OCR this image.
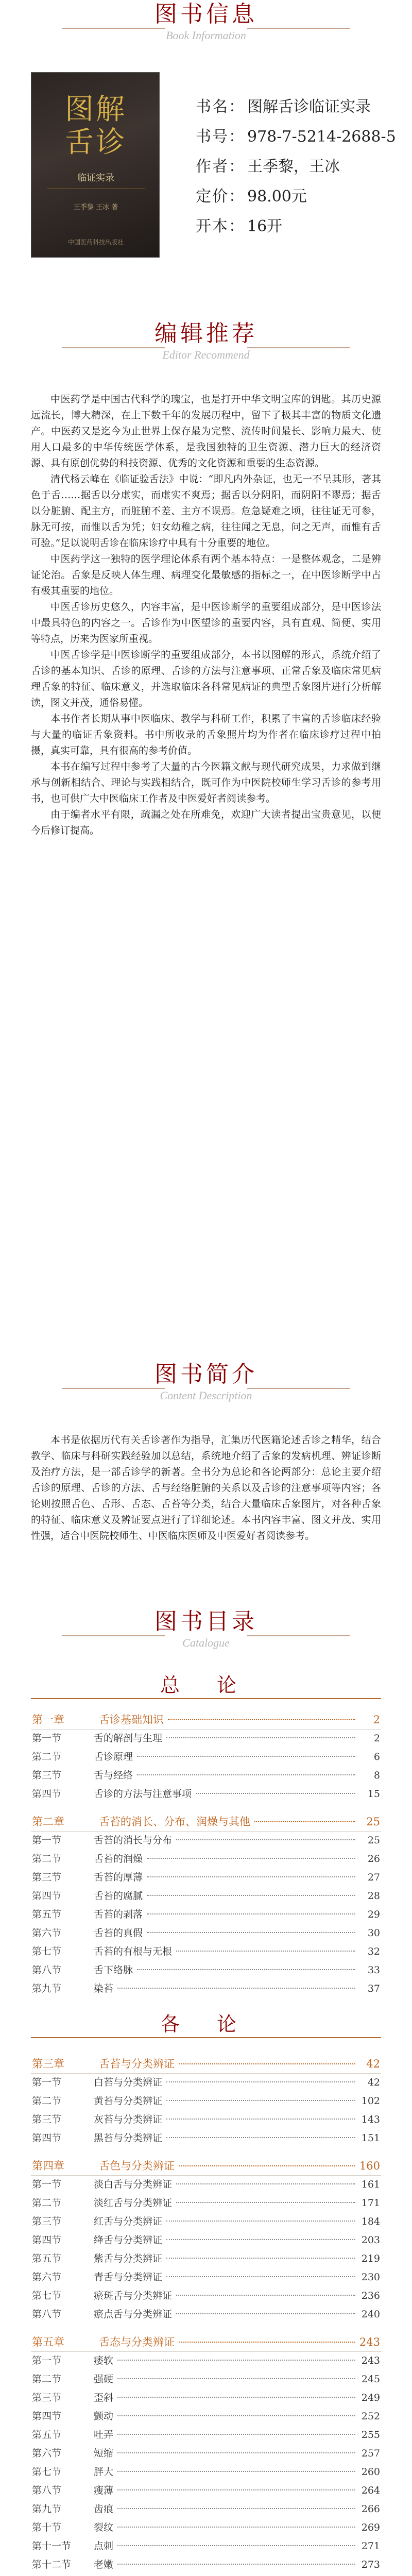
图书信息
Book Information
图解舌诊
临证实录
王季黎 王冰 著
中国医药科技出版社
书名： 图解舌诊临证实录
书号： 978-7-5214-2688-5
作者： 王季黎，王冰
定价： 98.00元
开本： 16开
编辑推荐
Editor Recommend

中医药学是中国古代科学的瑰宝，也是打开中华文明宝库的钥匙。其历史源远流长，博大精深，在上下数千年的发展历程中，留下了极其丰富的物质文化遗产。中医药又是迄今为止世界上保存最为完整、流传时间最长、影响力最大、使用人口最多的中华传统医学体系，是我国独特的卫生资源、潜力巨大的经济资源、具有原创优势的科技资源、优秀的文化资源和重要的生态资源。

清代杨云峰在《临证验舌法》中说：“即凡内外杂证，也无一不呈其形，著其色于舌……据舌以分虚实，而虚实不爽焉；据舌以分阴阳，而阴阳不谬焉；据舌以分脏腑、配主方，而脏腑不差、主方不误焉。危急疑难之顷，往往证无可参，脉无可按，而惟以舌为凭；妇女幼稚之病，往往闻之无息，问之无声，而惟有舌可验。”足以说明舌诊在临床诊疗中具有十分重要的地位。

中医药学这一独特的医学理论体系有两个基本特点：一是整体观念，二是辨证论治。舌象是反映人体生理、病理变化最敏感的指标之一，在中医诊断学中占有极其重要的地位。

中医舌诊历史悠久，内容丰富，是中医诊断学的重要组成部分，是中医诊法中最具特色的内容之一。舌诊作为中医望诊的重要内容，具有直观、简便、实用等特点，历来为医家所重视。

中医舌诊学是中医诊断学的重要组成部分，本书以图解的形式，系统介绍了舌诊的基本知识、舌诊的原理、舌诊的方法与注意事项、正常舌象及临床常见病理舌象的特征、临床意义，并选取临床各科常见病证的典型舌象图片进行分析解读，图文并茂，通俗易懂。

本书作者长期从事中医临床、教学与科研工作，积累了丰富的舌诊临床经验与大量的临证舌象资料。书中所收录的舌象照片均为作者在临床诊疗过程中拍摄，真实可靠，具有很高的参考价值。

本书在编写过程中参考了大量的古今医籍文献与现代研究成果，力求做到继承与创新相结合、理论与实践相结合，既可作为中医院校师生学习舌诊的参考用书，也可供广大中医临床工作者及中医爱好者阅读参考。

由于编者水平有限，疏漏之处在所难免，欢迎广大读者提出宝贵意见，以便今后修订提高。

图书简介
Content Description

本书是依据历代有关舌诊著作为指导，汇集历代医籍论述舌诊之精华，结合教学、临床与科研实践经验加以总结，系统地介绍了舌象的发病机理、辨证诊断及治疗方法，是一部舌诊学的新著。全书分为总论和各论两部分：总论主要介绍舌诊的原理、舌诊的方法、舌与经络脏腑的关系以及舌诊的注意事项等内容；各论则按照舌色、舌形、舌态、舌苔等分类，结合大量临床舌象图片，对各种舌象的特征、临床意义及辨证要点进行了详细论述。本书内容丰富、图文并茂、实用性强，适合中医院校师生、中医临床医师及中医爱好者阅读参考。

图书目录
Catalogue
总 论
第一章	舌诊基础知识	2
第一节	舌的解剖与生理	2
第二节	舌诊原理	6
第三节	舌与经络	8
第四节	舌诊的方法与注意事项	15
第二章	舌苔的消长、分布、润燥与其他	25
第一节	舌苔的消长与分布	25
第二节	舌苔的润燥	26
第三节	舌苔的厚薄	27
第四节	舌苔的腐腻	28
第五节	舌苔的剥落	29
第六节	舌苔的真假	30
第七节	舌苔的有根与无根	32
第八节	舌下络脉	33
第九节	染苔	37
第三章	舌苔与分类辨证	42
第一节	白苔与分类辨证	42
第二节	黄苔与分类辨证	102
第三节	灰苔与分类辨证	143
第四节	黑苔与分类辨证	151
第四章	舌色与分类辨证	160
第一节	淡白舌与分类辨证	161
第二节	淡红舌与分类辨证	171
第三节	红舌与分类辨证	184
第四节	绛舌与分类辨证	203
第五节	紫舌与分类辨证	219
第六节	青舌与分类辨证	230
第七节	瘀斑舌与分类辨证	236
第八节	瘀点舌与分类辨证	240
第五章	舌态与分类辨证	243
第一节	痿软	243
第二节	强硬	245
第三节	歪斜	249
第四节	颤动	252
第五节	吐弄	255
第六节	短缩	257
第七节	胖大	260
第八节	瘦薄	264
第九节	齿痕	266
第十节	裂纹	269
第十一节	点刺	271
第十二节	老嫩	273
各 论
